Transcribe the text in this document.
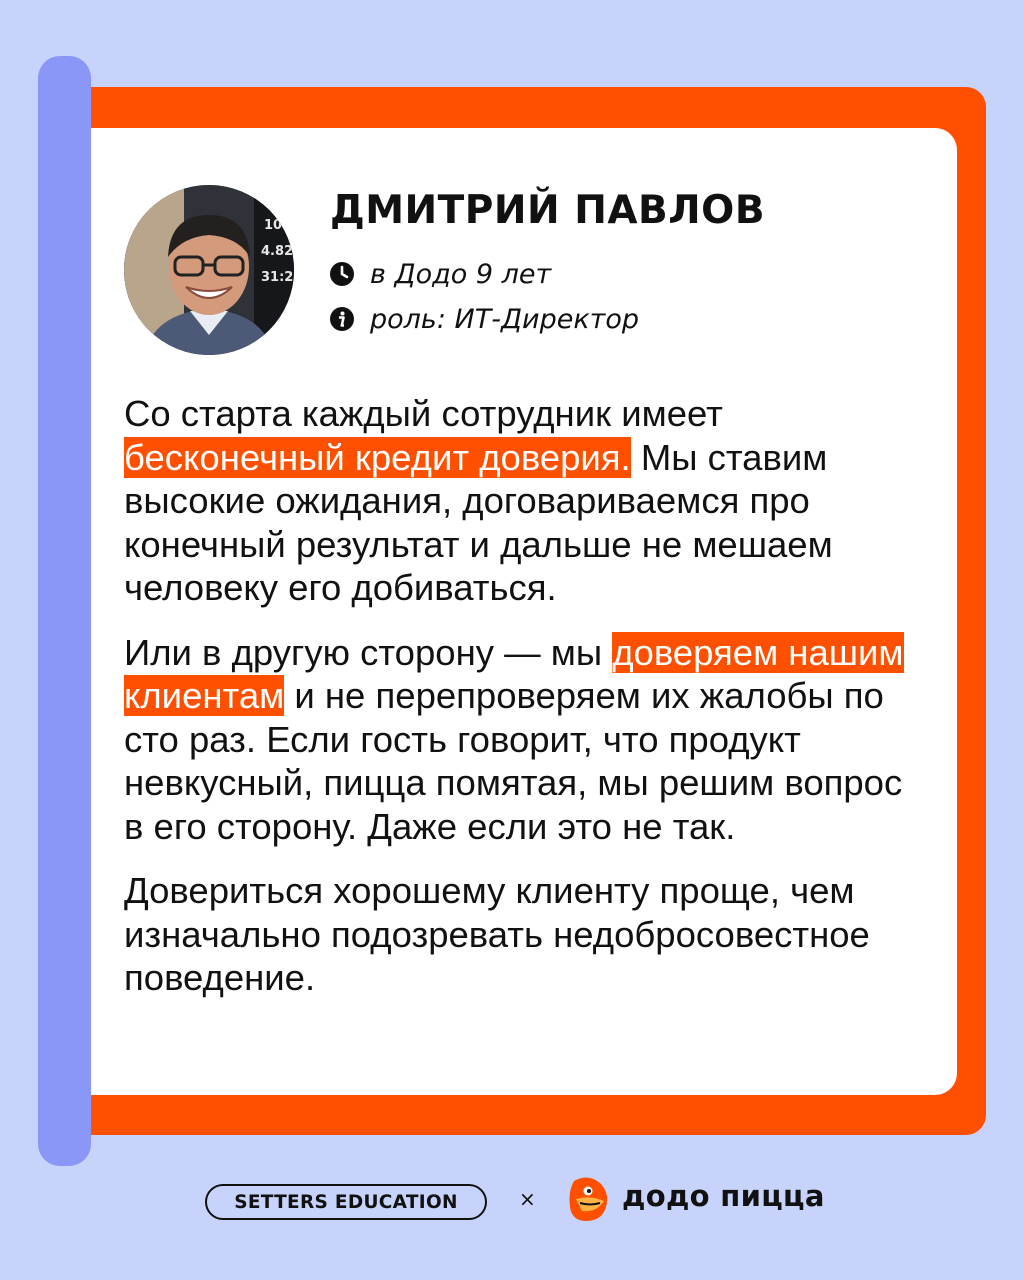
10
4.82
31:2
ДМИТРИЙ ПАВЛОВ
в Додо 9 лет
роль: ИТ-Директор

Со старта каждый сотрудник имеет бесконечный кредит доверия. Мы ставим высокие ожидания, договариваемся про конечный результат и дальше не мешаем человеку его добиваться.

Или в другую сторону — мы доверяем нашим клиентам и не перепроверяем их жалобы по сто раз. Если гость говорит, что продукт невкусный, пицца помятая, мы решим вопрос в его сторону. Даже если это не так.

Довериться хорошему клиенту проще, чем изначально подозревать недобросовестное поведение.

SETTERS EDUCATION	×	додо пицца
